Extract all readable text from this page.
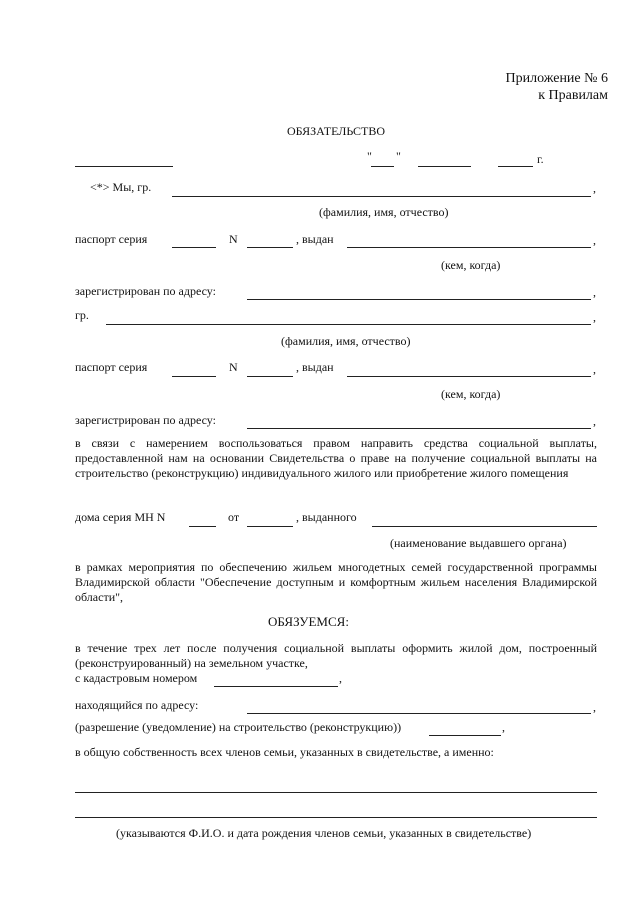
Приложение № 6
к Правилам
ОБЯЗАТЕЛЬСТВО
" "	г.
<*> Мы, гр.	,
(фамилия, имя, отчество)
паспорт серия	N	, выдан	,
(кем, когда)
зарегистрирован по адресу:	,
гр.	,
(фамилия, имя, отчество)
паспорт серия	N	, выдан	,
(кем, когда)
зарегистрирован по адресу:	,
в связи с намерением воспользоваться правом направить средства социальной выплаты, предоставленной нам на основании Свидетельства о праве на получение социальной выплаты на строительство (реконструкцию) индивидуального жилого или приобретение жилого помещения
дома серия МН N	от	, выданного
(наименование выдавшего органа)
в рамках мероприятия по обеспечению жильем многодетных семей государственной программы Владимирской области "Обеспечение доступным и комфортным жильем населения Владимирской области",
ОБЯЗУЕМСЯ:
в течение трех лет после получения социальной выплаты оформить жилой дом, построенный (реконструированный) на земельном участке,
с кадастровым номером	,
находящийся по адресу:	,
(разрешение (уведомление) на строительство (реконструкцию))	,
в общую собственность всех членов семьи, указанных в свидетельстве, а именно:
(указываются Ф.И.О. и дата рождения членов семьи, указанных в свидетельстве)
